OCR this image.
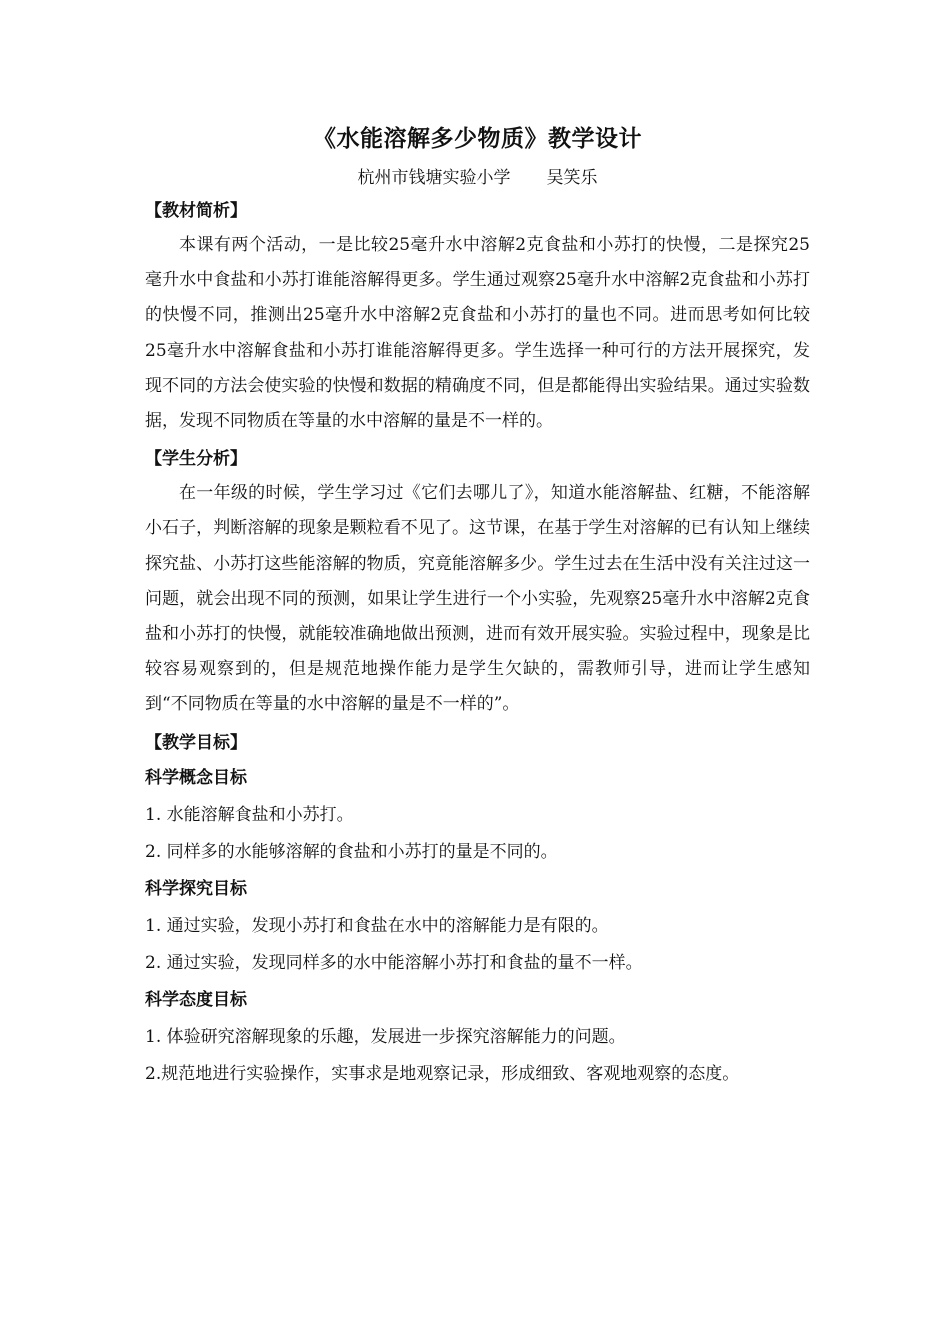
《水能溶解多少物质》教学设计
杭州市钱塘实验小学 吴笑乐

【教材简析】

本课有两个活动，一是比较25毫升水中溶解2克食盐和小苏打的快慢，二是探究25毫升水中食盐和小苏打谁能溶解得更多。学生通过观察25毫升水中溶解2克食盐和小苏打的快慢不同，推测出25毫升水中溶解2克食盐和小苏打的量也不同。进而思考如何比较25毫升水中溶解食盐和小苏打谁能溶解得更多。学生选择一种可行的方法开展探究，发现不同的方法会使实验的快慢和数据的精确度不同，但是都能得出实验结果。通过实验数据，发现不同物质在等量的水中溶解的量是不一样的。

【学生分析】

在一年级的时候，学生学习过《它们去哪儿了》，知道水能溶解盐、红糖，不能溶解小石子，判断溶解的现象是颗粒看不见了。这节课，在基于学生对溶解的已有认知上继续探究盐、小苏打这些能溶解的物质，究竟能溶解多少。学生过去在生活中没有关注过这一问题，就会出现不同的预测，如果让学生进行一个小实验，先观察25毫升水中溶解2克食盐和小苏打的快慢，就能较准确地做出预测，进而有效开展实验。实验过程中，现象是比较容易观察到的，但是规范地操作能力是学生欠缺的，需教师引导，进而让学生感知到“不同物质在等量的水中溶解的量是不一样的”。

【教学目标】

科学概念目标

1. 水能溶解食盐和小苏打。

2. 同样多的水能够溶解的食盐和小苏打的量是不同的。

科学探究目标

1. 通过实验，发现小苏打和食盐在水中的溶解能力是有限的。

2. 通过实验，发现同样多的水中能溶解小苏打和食盐的量不一样。

科学态度目标

1. 体验研究溶解现象的乐趣，发展进一步探究溶解能力的问题。

2.规范地进行实验操作，实事求是地观察记录，形成细致、客观地观察的态度。
